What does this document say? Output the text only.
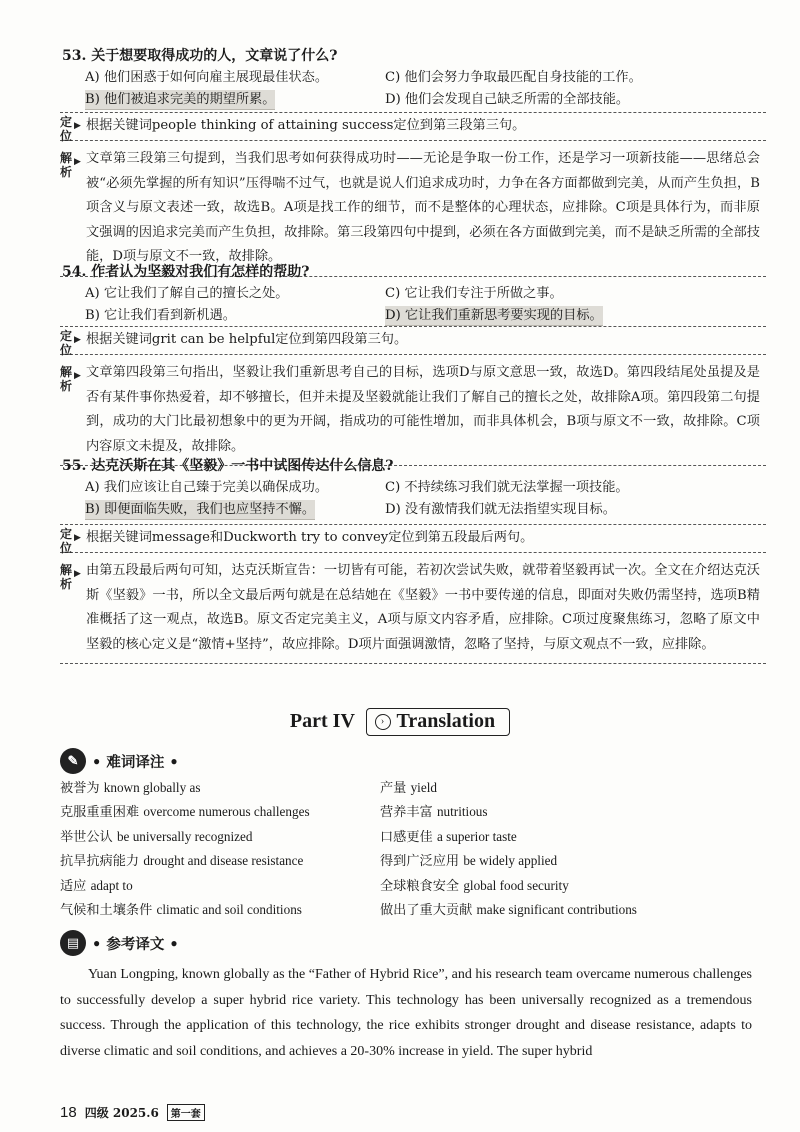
53. 关于想要取得成功的人，文章说了什么?
A) 他们困惑于如何向雇主展现最佳状态。	C) 他们会努力争取最匹配自身技能的工作。
B) 他们被追求完美的期望所累。	D) 他们会发现自己缺乏所需的全部技能。
定位
▶ 根据关键词people thinking of attaining success定位到第三段第三句。
解析
▶ 文章第三段第三句提到，当我们思考如何获得成功时——无论是争取一份工作，还是学习一项新技能——思绪总会被“必须先掌握的所有知识”压得喘不过气，也就是说人们追求成功时，力争在各方面都做到完美，从而产生负担，B项含义与原文表述一致，故选B。A项是找工作的细节，而不是整体的心理状态，应排除。C项是具体行为，而非原文强调的因追求完美而产生负担，故排除。第三段第四句中提到，必须在各方面做到完美，而不是缺乏所需的全部技能，D项与原文不一致，故排除。
54. 作者认为坚毅对我们有怎样的帮助?
A) 它让我们了解自己的擅长之处。	C) 它让我们专注于所做之事。
B) 它让我们看到新机遇。	D) 它让我们重新思考要实现的目标。
定位
▶ 根据关键词grit can be helpful定位到第四段第三句。
解析
▶ 文章第四段第三句指出，坚毅让我们重新思考自己的目标，选项D与原文意思一致，故选D。第四段结尾处虽提及是否有某件事你热爱着，却不够擅长，但并未提及坚毅就能让我们了解自己的擅长之处，故排除A项。第四段第二句提到，成功的大门比最初想象中的更为开阔，指成功的可能性增加，而非具体机会，B项与原文不一致，故排除。C项内容原文未提及，故排除。
55. 达克沃斯在其《坚毅》一书中试图传达什么信息?
A) 我们应该让自己臻于完美以确保成功。	C) 不持续练习我们就无法掌握一项技能。
B) 即便面临失败，我们也应坚持不懈。	D) 没有激情我们就无法指望实现目标。
定位
▶ 根据关键词message和Duckworth try to convey定位到第五段最后两句。
解析
▶ 由第五段最后两句可知，达克沃斯宣告：一切皆有可能，若初次尝试失败，就带着坚毅再试一次。全文在介绍达克沃斯《坚毅》一书，所以全文最后两句就是在总结她在《坚毅》一书中要传递的信息，即面对失败仍需坚持，选项B精准概括了这一观点，故选B。原文否定完美主义，A项与原文内容矛盾，应排除。C项过度聚焦练习，忽略了原文中坚毅的核心定义是“激情+坚持”，故应排除。D项片面强调激情，忽略了坚持，与原文观点不一致，应排除。
Part IV	› Translation
✎ • 难词译注 •
被誉为 known globally as	产量 yield
克服重重困难 overcome numerous challenges	营养丰富 nutritious
举世公认 be universally recognized	口感更佳 a superior taste
抗旱抗病能力 drought and disease resistance	得到广泛应用 be widely applied
适应 adapt to	全球粮食安全 global food security
气候和土壤条件 climatic and soil conditions	做出了重大贡献 make significant contributions
▤ • 参考译文 •
Yuan Longping, known globally as the “Father of Hybrid Rice”, and his research team overcame numerous challenges to successfully develop a super hybrid rice variety. This technology has been universally recognized as a tremendous success. Through the application of this technology, the rice exhibits stronger drought and disease resistance, adapts to diverse climatic and soil conditions, and achieves a 20-30% increase in yield. The super hybrid
18 四级 2025.6	第一套
